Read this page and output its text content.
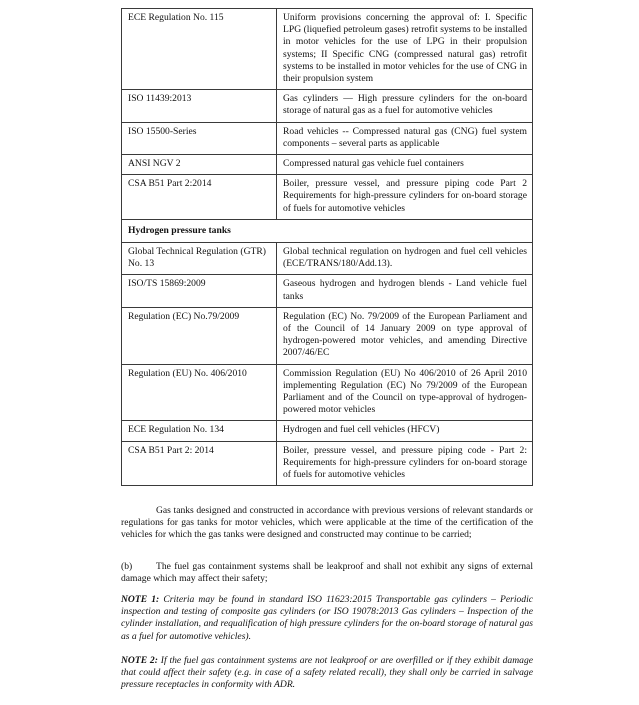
ECE Regulation No. 115	Uniform provisions concerning the approval of: I. Specific LPG (liquefied petroleum gases) retrofit systems to be installed in motor vehicles for the use of LPG in their propulsion systems; II Specific CNG (compressed natural gas) retrofit systems to be installed in motor vehicles for the use of CNG in their propulsion system
ISO 11439:2013	Gas cylinders — High pressure cylinders for the on-board storage of natural gas as a fuel for automotive vehicles
ISO 15500-Series	Road vehicles -- Compressed natural gas (CNG) fuel system components – several parts as applicable
ANSI NGV 2	Compressed natural gas vehicle fuel containers
CSA B51 Part 2:2014	Boiler, pressure vessel, and pressure piping code Part 2 Requirements for high-pressure cylinders for on-board storage of fuels for automotive vehicles
Hydrogen pressure tanks	
Global Technical Regulation (GTR) No. 13	Global technical regulation on hydrogen and fuel cell vehicles (ECE/TRANS/180/Add.13).
ISO/TS 15869:2009	Gaseous hydrogen and hydrogen blends - Land vehicle fuel tanks
Regulation (EC) No.79/2009	Regulation (EC) No. 79/2009 of the European Parliament and of the Council of 14 January 2009 on type approval of hydrogen-powered motor vehicles, and amending Directive 2007/46/EC
Regulation (EU) No. 406/2010	Commission Regulation (EU) No 406/2010 of 26 April 2010 implementing Regulation (EC) No 79/2009 of the European Parliament and of the Council on type-approval of hydrogen-powered motor vehicles
ECE Regulation No. 134	Hydrogen and fuel cell vehicles (HFCV)
CSA B51 Part 2: 2014	Boiler, pressure vessel, and pressure piping code - Part 2: Requirements for high-pressure cylinders for on-board storage of fuels for automotive vehicles

Gas tanks designed and constructed in accordance with previous versions of relevant standards or regulations for gas tanks for motor vehicles, which were applicable at the time of the certification of the vehicles for which the gas tanks were designed and constructed may continue to be carried;

(b) The fuel gas containment systems shall be leakproof and shall not exhibit any signs of external damage which may affect their safety;

NOTE 1: Criteria may be found in standard ISO 11623:2015 Transportable gas cylinders – Periodic inspection and testing of composite gas cylinders (or ISO 19078:2013 Gas cylinders – Inspection of the cylinder installation, and requalification of high pressure cylinders for the on-board storage of natural gas as a fuel for automotive vehicles).

NOTE 2: If the fuel gas containment systems are not leakproof or are overfilled or if they exhibit damage that could affect their safety (e.g. in case of a safety related recall), they shall only be carried in salvage pressure receptacles in conformity with ADR.
